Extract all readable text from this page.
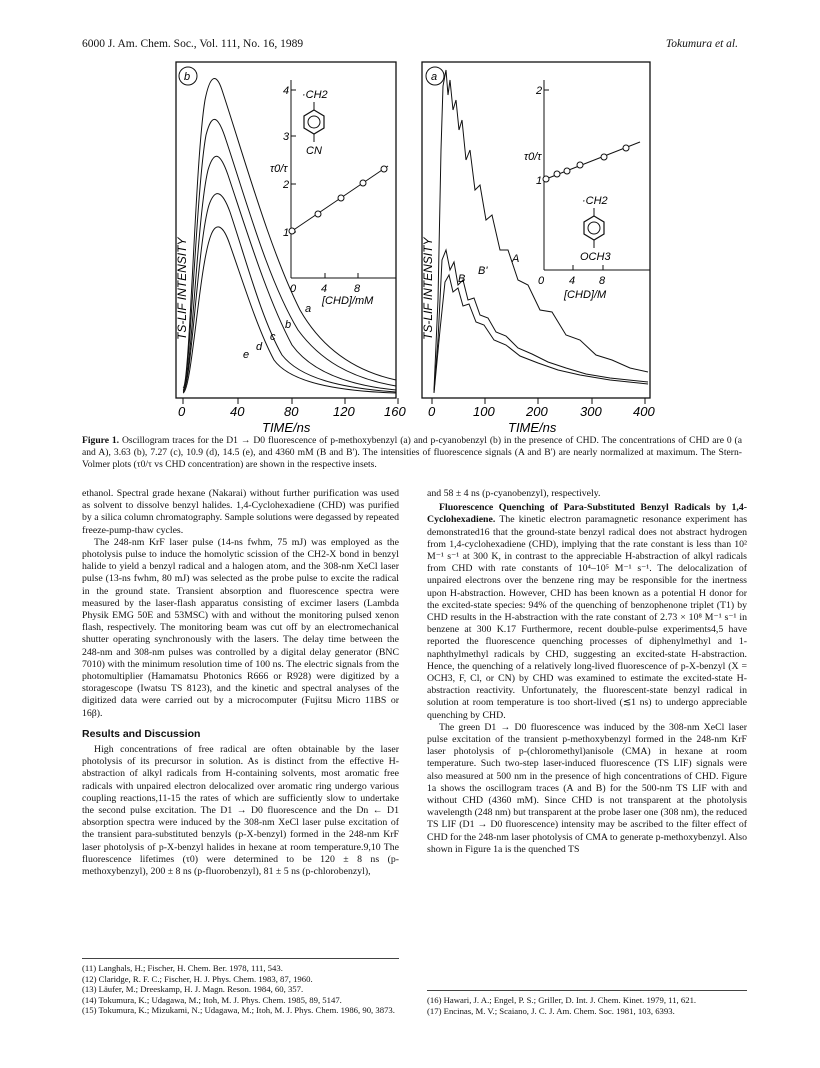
6000 J. Am. Chem. Soc., Vol. 111, No. 16, 1989	Tokumura et al.
b
0	40	80	120 160
TIME/ns
TS-LIF INTENSITY	a
b
c
d
e
1
2
3
4
0 4 8
[CHD]/mM
τ0/τ
·CH2
CN
a
0	100 200 300 400
TIME/ns
TS-LIF INTENSITY	A
B
B'
1
2
0 4 8
[CHD]/M
τ0/τ
·CH2
OCH3
Figure 1. Oscillogram traces for the D1 → D0 fluorescence of p-methoxybenzyl (a) and p-cyanobenzyl (b) in the presence of CHD. The concentrations of CHD are 0 (a and A), 3.63 (b), 7.27 (c), 10.9 (d), 14.5 (e), and 4360 mM (B and B'). The intensities of fluorescence signals (A and B') are nearly normalized at maximum. The Stern-Volmer plots (τ0/τ vs CHD concentration) are shown in the respective insets.

ethanol. Spectral grade hexane (Nakarai) without further purification was used as solvent to dissolve benzyl halides. 1,4-Cyclohexadiene (CHD) was purified by a silica column chromatography. Sample solutions were degassed by repeated freeze-pump-thaw cycles.

The 248-nm KrF laser pulse (14-ns fwhm, 75 mJ) was employed as the photolysis pulse to induce the homolytic scission of the CH2-X bond in benzyl halide to yield a benzyl radical and a halogen atom, and the 308-nm XeCl laser pulse (13-ns fwhm, 80 mJ) was selected as the probe pulse to excite the radical in the ground state. Transient absorption and fluorescence spectra were measured by the laser-flash apparatus consisting of excimer lasers (Lambda Physik EMG 50E and 53MSC) with and without the monitoring pulsed xenon flash, respectively. The monitoring beam was cut off by an electromechanical shutter operating synchronously with the lasers. The delay time between the 248-nm and 308-nm pulses was controlled by a digital delay generator (BNC 7010) with the minimum resolution time of 100 ns. The electric signals from the photomultiplier (Hamamatsu Photonics R666 or R928) were digitized by a storagescope (Iwatsu TS 8123), and the kinetic and spectral analyses of the digitized data were carried out by a microcomputer (Fujitsu Micro 11BS or 16β).

Results and Discussion

High concentrations of free radical are often obtainable by the laser photolysis of its precursor in solution. As is distinct from the effective H-abstraction of alkyl radicals from H-containing solvents, most aromatic free radicals with unpaired electron delocalized over aromatic ring undergo various coupling reactions,11-15 the rates of which are sufficiently slow to undertake the second pulse excitation. The D1 → D0 fluorescence and the Dn ← D1 absorption spectra were induced by the 308-nm XeCl laser pulse excitation of the transient para-substituted benzyls (p-X-benzyl) formed in the 248-nm KrF laser photolysis of p-X-benzyl halides in hexane at room temperature.9,10 The fluorescence lifetimes (τ0) were determined to be 120 ± 8 ns (p-methoxybenzyl), 200 ± 8 ns (p-fluorobenzyl), 81 ± 5 ns (p-chlorobenzyl),

and 58 ± 4 ns (p-cyanobenzyl), respectively.

Fluorescence Quenching of Para-Substituted Benzyl Radicals by 1,4-Cyclohexadiene. The kinetic electron paramagnetic resonance experiment has demonstrated16 that the ground-state benzyl radical does not abstract hydrogen from 1,4-cyclohexadiene (CHD), implying that the rate constant is less than 10² M⁻¹ s⁻¹ at 300 K, in contrast to the appreciable H-abstraction of alkyl radicals from CHD with rate constants of 10⁴–10⁵ M⁻¹ s⁻¹. The delocalization of unpaired electrons over the benzene ring may be responsible for the inertness upon H-abstraction. However, CHD has been known as a potential H donor for the excited-state species: 94% of the quenching of benzophenone triplet (T1) by CHD results in the H-abstraction with the rate constant of 2.73 × 10⁸ M⁻¹ s⁻¹ in benzene at 300 K.17 Furthermore, recent double-pulse experiments4,5 have reported the fluorescence quenching processes of diphenylmethyl and 1-naphthylmethyl radicals by CHD, suggesting an excited-state H-abstraction. Hence, the quenching of a relatively long-lived fluorescence of p-X-benzyl (X = OCH3, F, Cl, or CN) by CHD was examined to estimate the excited-state H-abstraction reactivity. Unfortunately, the fluorescent-state benzyl radical in solution at room temperature is too short-lived (≲1 ns) to undergo appreciable quenching by CHD.

The green D1 → D0 fluorescence was induced by the 308-nm XeCl laser pulse excitation of the transient p-methoxybenzyl formed in the 248-nm KrF laser photolysis of p-(chloromethyl)anisole (CMA) in hexane at room temperature. Such two-step laser-induced fluorescence (TS LIF) signals were also measured at 500 nm in the presence of high concentrations of CHD. Figure 1a shows the oscillogram traces (A and B) for the 500-nm TS LIF with and without CHD (4360 mM). Since CHD is not transparent at the photolysis wavelength (248 nm) but transparent at the probe laser one (308 nm), the reduced TS LIF (D1 → D0 fluorescence) intensity may be ascribed to the filter effect of CHD for the 248-nm laser photolysis of CMA to generate p-methoxybenzyl. Also shown in Figure 1a is the quenched TS

(11) Langhals, H.; Fischer, H. Chem. Ber. 1978, 111, 543.
(12) Claridge, R. F. C.; Fischer, H. J. Phys. Chem. 1983, 87, 1960.
(13) Läufer, M.; Dreeskamp, H. J. Magn. Reson. 1984, 60, 357.
(14) Tokumura, K.; Udagawa, M.; Itoh, M. J. Phys. Chem. 1985, 89, 5147.
(15) Tokumura, K.; Mizukami, N.; Udagawa, M.; Itoh, M. J. Phys. Chem. 1986, 90, 3873.
(16) Hawari, J. A.; Engel, P. S.; Griller, D. Int. J. Chem. Kinet. 1979, 11, 621.
(17) Encinas, M. V.; Scaiano, J. C. J. Am. Chem. Soc. 1981, 103, 6393.
